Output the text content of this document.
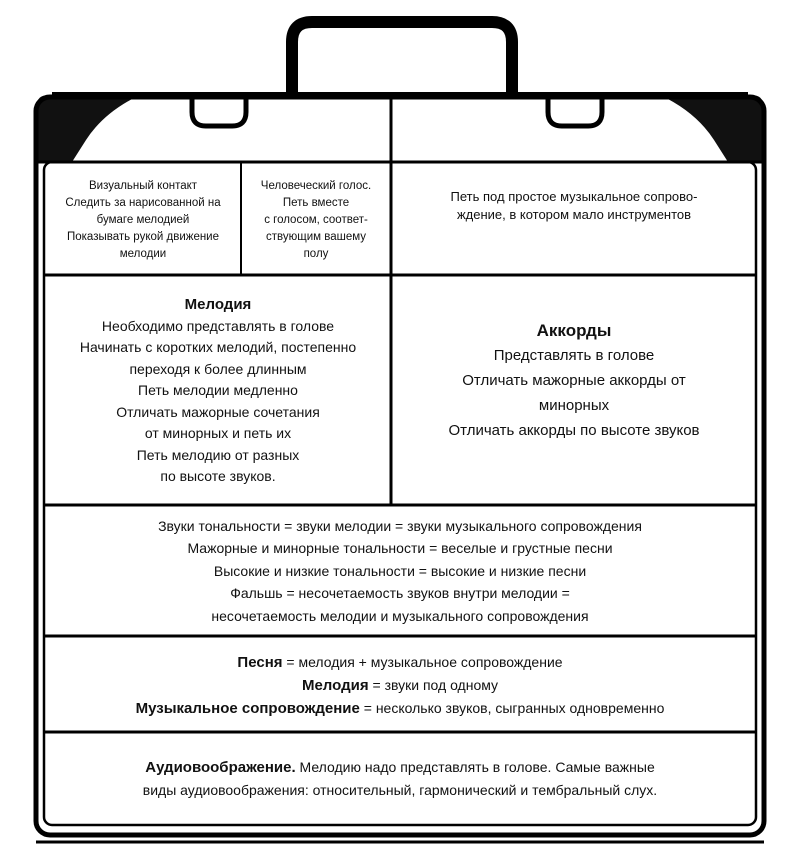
Визуальный контакт
Следить за нарисованной на
бумаге мелодией
Показывать рукой движение
мелодии
Человеческий голос.
Петь вместе
с голосом, соответ-
ствующим вашему
полу
Петь под простое музыкальное сопрово-
ждение, в котором мало инструментов
Мелодия
Необходимо представлять в голове
Начинать с коротких мелодий, постепенно
переходя к более длинным
Петь мелодии медленно
Отличать мажорные сочетания
от минорных и петь их
Петь мелодию от разных
по высоте звуков.
Аккорды
Представлять в голове
Отличать мажорные аккорды от
минорных
Отличать аккорды по высоте звуков
Звуки тональности = звуки мелодии = звуки музыкального сопровождения
Мажорные и минорные тональности = веселые и грустные песни
Высокие и низкие тональности = высокие и низкие песни
Фальшь = несочетаемость звуков внутри мелодии =
несочетаемость мелодии и музыкального сопровождения
Песня = мелодия + музыкальное сопровождение
Мелодия = звуки под одному
Музыкальное сопровождение = несколько звуков, сыгранных одновременно
Аудиовоображение. Мелодию надо представлять в голове. Самые важные
виды аудиовоображения: относительный, гармонический и тембральный слух.
